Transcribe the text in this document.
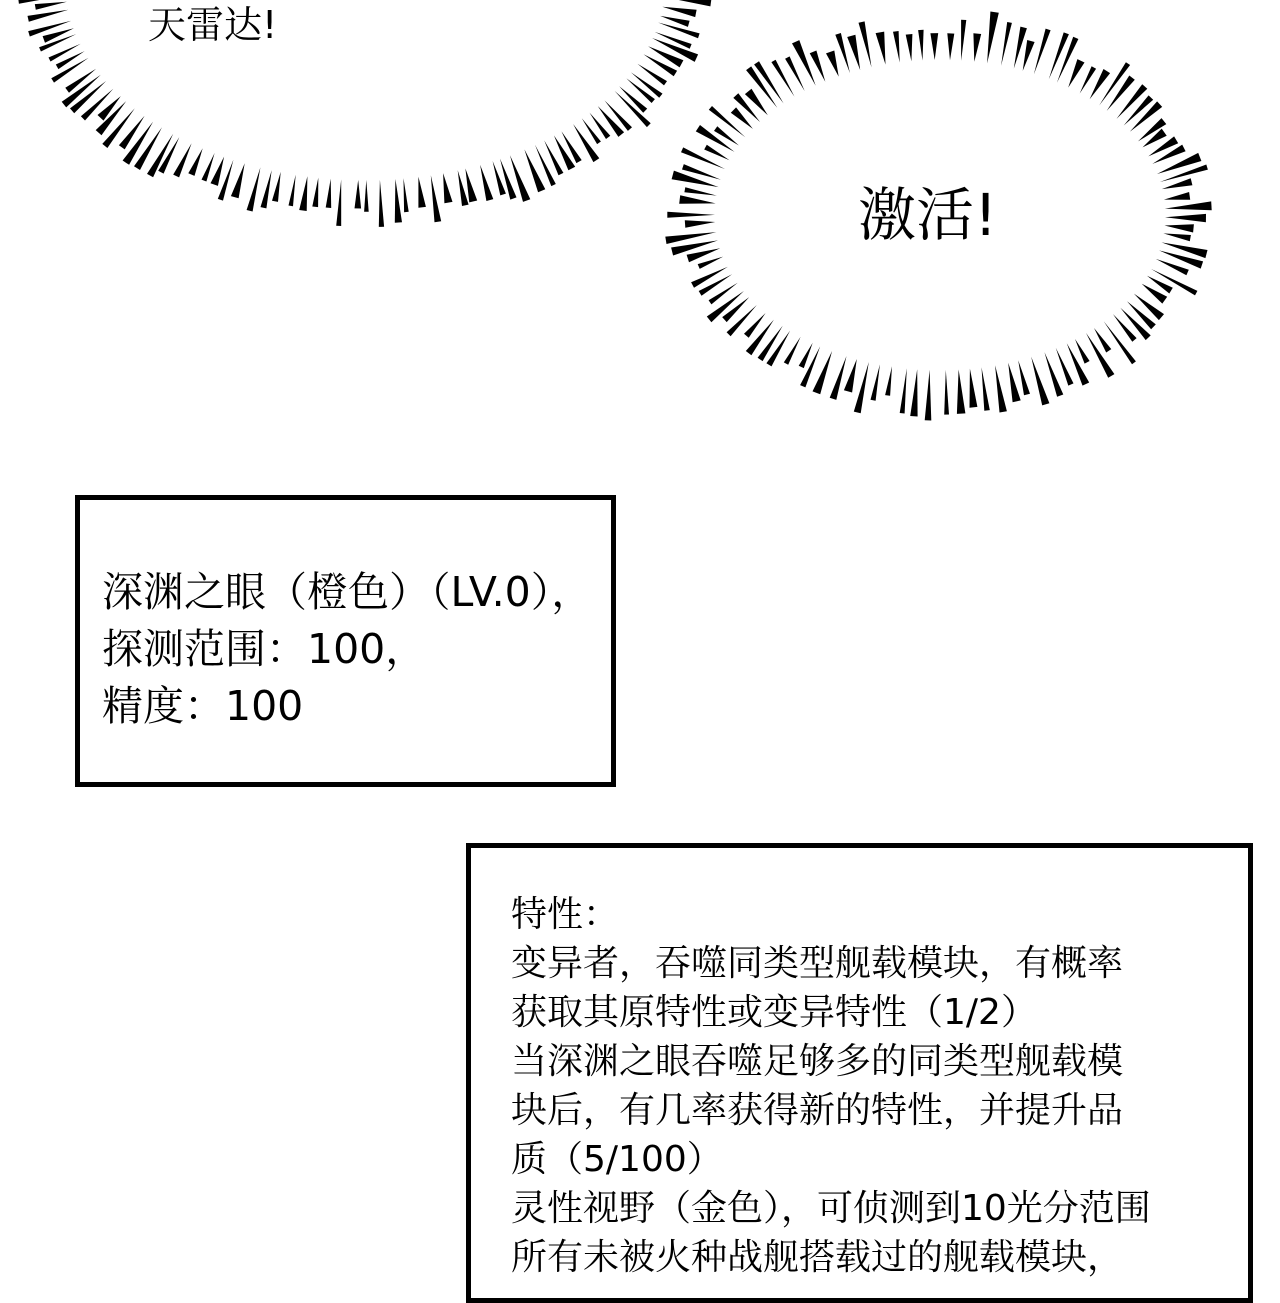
天雷达!
激活!
深渊之眼（橙色）（LV.0），
探测范围：100，
精度：100
特性：
变异者，吞噬同类型舰载模块，有概率
获取其原特性或变异特性（1/2）
当深渊之眼吞噬足够多的同类型舰载模
块后，有几率获得新的特性，并提升品
质（5/100）
灵性视野（金色），可侦测到10光分范围
所有未被火种战舰搭载过的舰载模块，
